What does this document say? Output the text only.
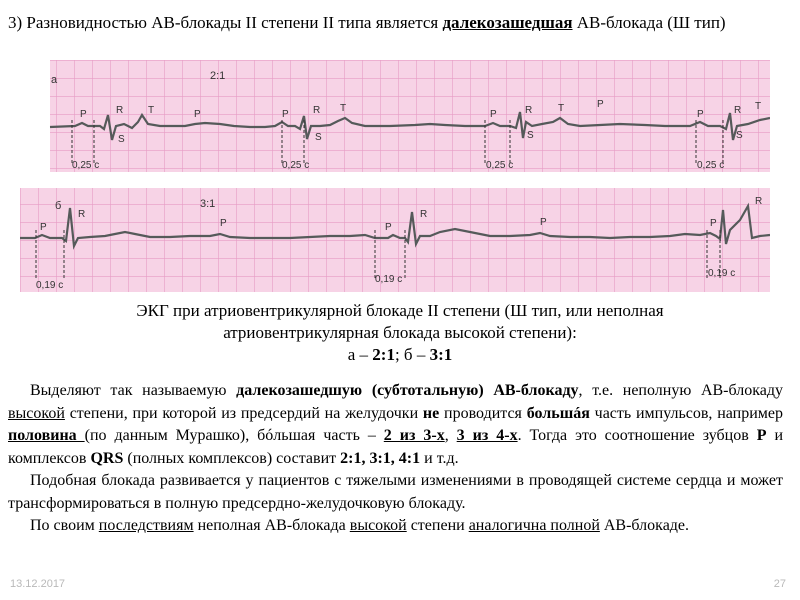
3) Разновидностью АВ-блокады II степени II типа является далекозашедшая АВ-блокада (Ш тип)
а	2:1
P	R
S
T	P	P R
S
T
P	R
S
T	P
P	R
S
T
0,25 с	0,25 с	0,25 с	0,25 с
б	3:1
P
R
P	P
R
P	P
R
0,19 с
0,19 с
0,19 с
ЭКГ при атриовентрикулярной блокаде II степени (Ш тип, или неполная
атриовентрикулярная блокада высокой степени):
а – 2:1; б – 3:1

Выделяют так называемую далекозашедшую (субтотальную) АВ-блокаду, т.е. неполную АВ-блокаду высокой степени, при которой из предсердий на желудочки не проводится большáя часть импульсов, например половина (по данным Мурашко), бóльшая часть – 2 из 3-х, 3 из 4-х. Тогда это соотношение зубцов Р и комплексов QRS (полных комплексов) составит 2:1, 3:1, 4:1 и т.д.

Подобная блокада развивается у пациентов с тяжелыми изменениями в проводящей системе сердца и может трансформироваться в полную предсердно-желудочковую блокаду.

По своим последствиям неполная АВ-блокада высокой степени аналогична полной АВ-блокаде.

13.12.2017	27
